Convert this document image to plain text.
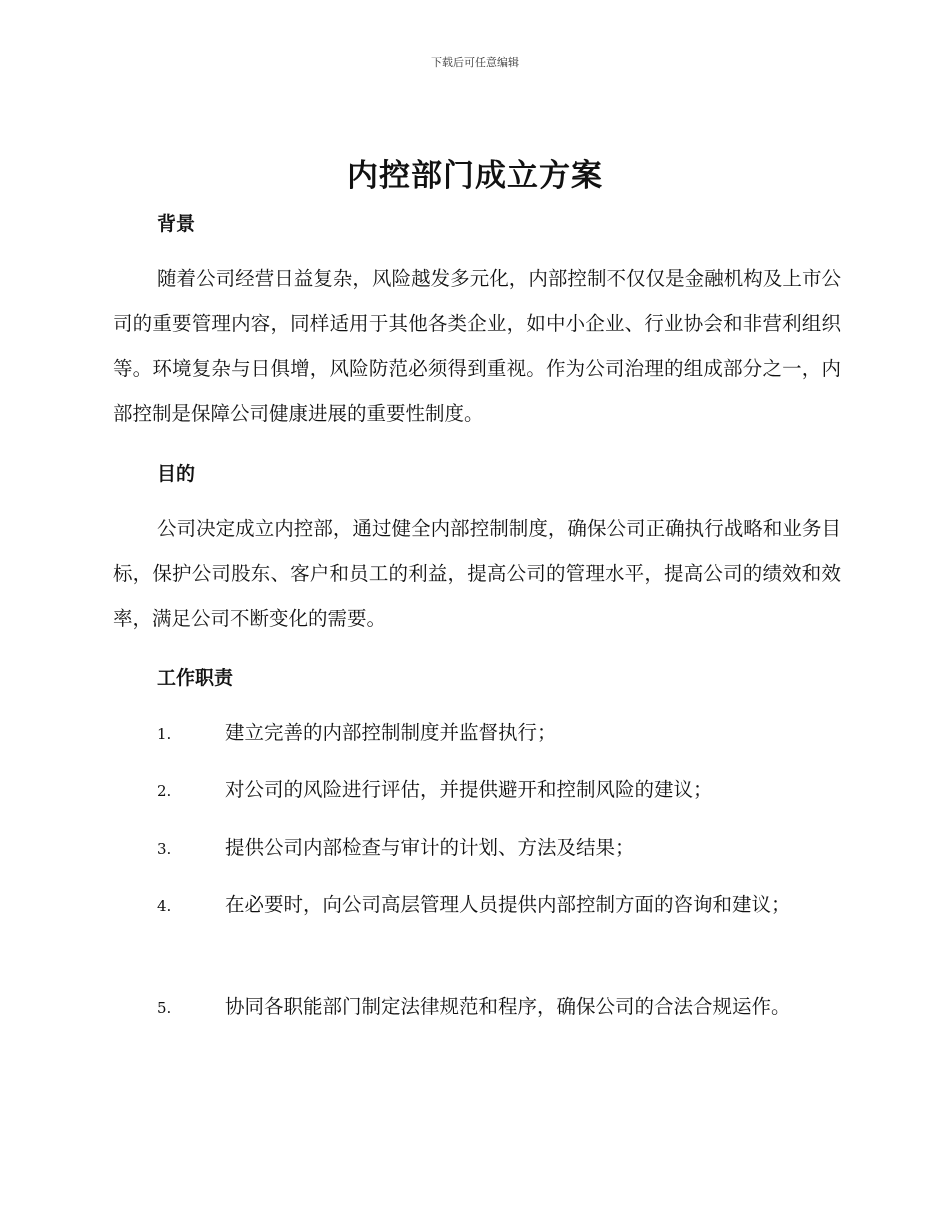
下载后可任意编辑
内控部门成立方案
背景
随着公司经营日益复杂，风险越发多元化，内部控制不仅仅是金融机构及上市公司的重要管理内容，同样适用于其他各类企业，如中小企业、行业协会和非营利组织等。环境复杂与日俱增，风险防范必须得到重视。作为公司治理的组成部分之一，内部控制是保障公司健康进展的重要性制度。
目的
公司决定成立内控部，通过健全内部控制制度，确保公司正确执行战略和业务目标，保护公司股东、客户和员工的利益，提高公司的管理水平，提高公司的绩效和效率，满足公司不断变化的需要。
工作职责
1.	建立完善的内部控制制度并监督执行；
2.	对公司的风险进行评估，并提供避开和控制风险的建议；
3.	提供公司内部检查与审计的计划、方法及结果；
4.	在必要时，向公司高层管理人员提供内部控制方面的咨询和建议；
5.	协同各职能部门制定法律规范和程序，确保公司的合法合规运作。
